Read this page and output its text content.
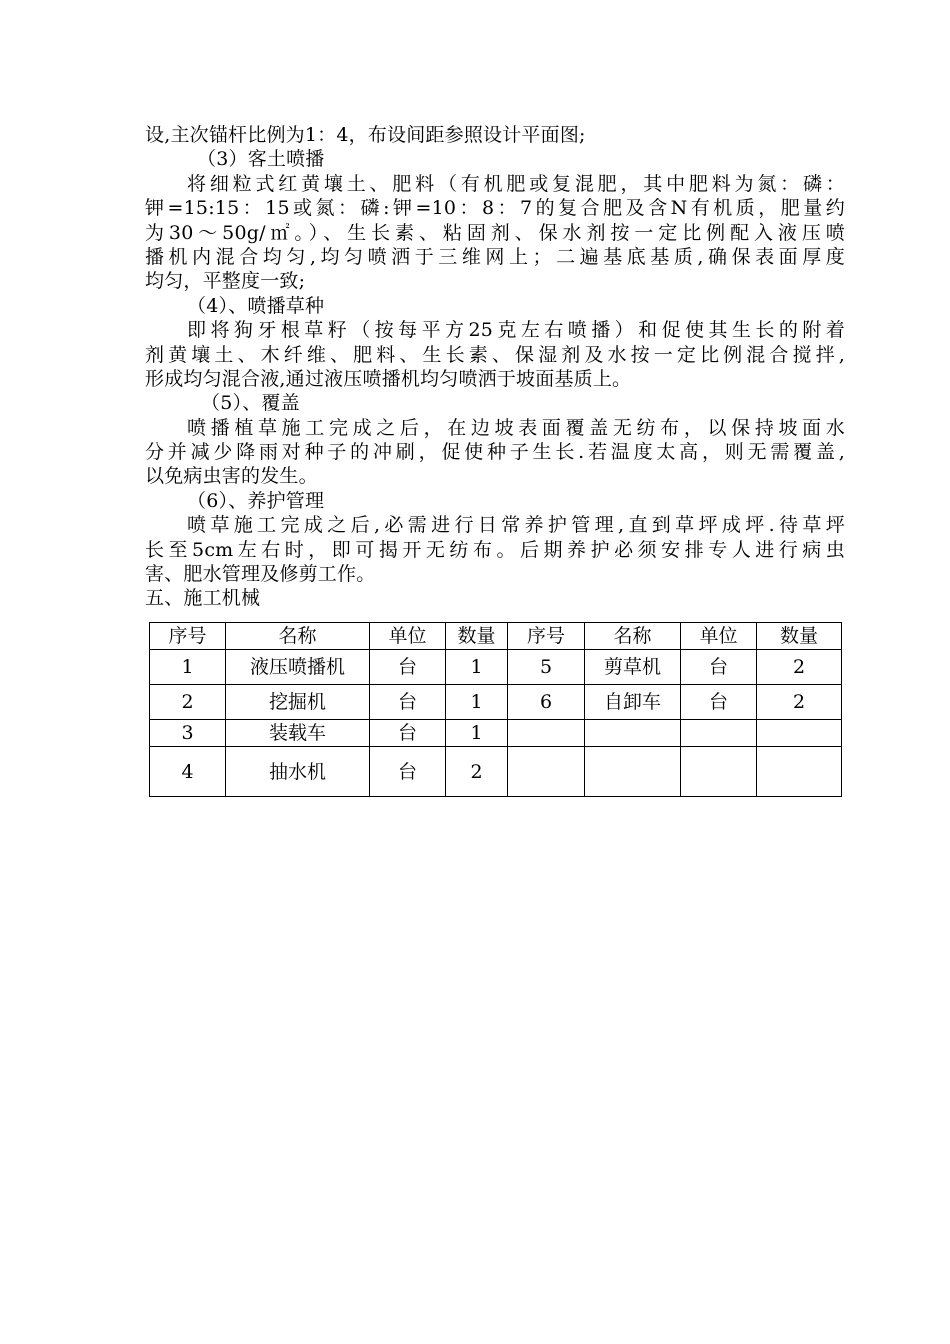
设,主次锚杆比例为1：4，布设间距参照设计平面图;
（3）客土喷播
将细粒式红黄壤土、肥料（有机肥或复混肥，其中肥料为氮：磷：
钾=15:15：15或氮：磷:钾=10：8：7的复合肥及含N有机质，肥量约
为30～50g/㎡。）、生长素、粘固剂、保水剂按一定比例配入液压喷
播机内混合均匀,均匀喷洒于三维网上；二遍基底基质,确保表面厚度
均匀，平整度一致;
（4）、喷播草种
即将狗牙根草籽（按每平方25克左右喷播）和促使其生长的附着
剂黄壤土、木纤维、肥料、生长素、保湿剂及水按一定比例混合搅拌,
形成均匀混合液,通过液压喷播机均匀喷洒于坡面基质上。
（5）、覆盖
喷播植草施工完成之后，在边坡表面覆盖无纺布，以保持坡面水
分并减少降雨对种子的冲刷，促使种子生长.若温度太高，则无需覆盖,
以免病虫害的发生。
（6）、养护管理
喷草施工完成之后,必需进行日常养护管理,直到草坪成坪.待草坪
长至5cm左右时，即可揭开无纺布。后期养护必须安排专人进行病虫
害、肥水管理及修剪工作。
五、施工机械
序号	名称	单位	数量	序号	名称	单位	数量
1	液压喷播机	台	1	5	剪草机	台	2
2	挖掘机	台	1	6	自卸车	台	2
3	装载车	台	1				
4	抽水机	台	2				
